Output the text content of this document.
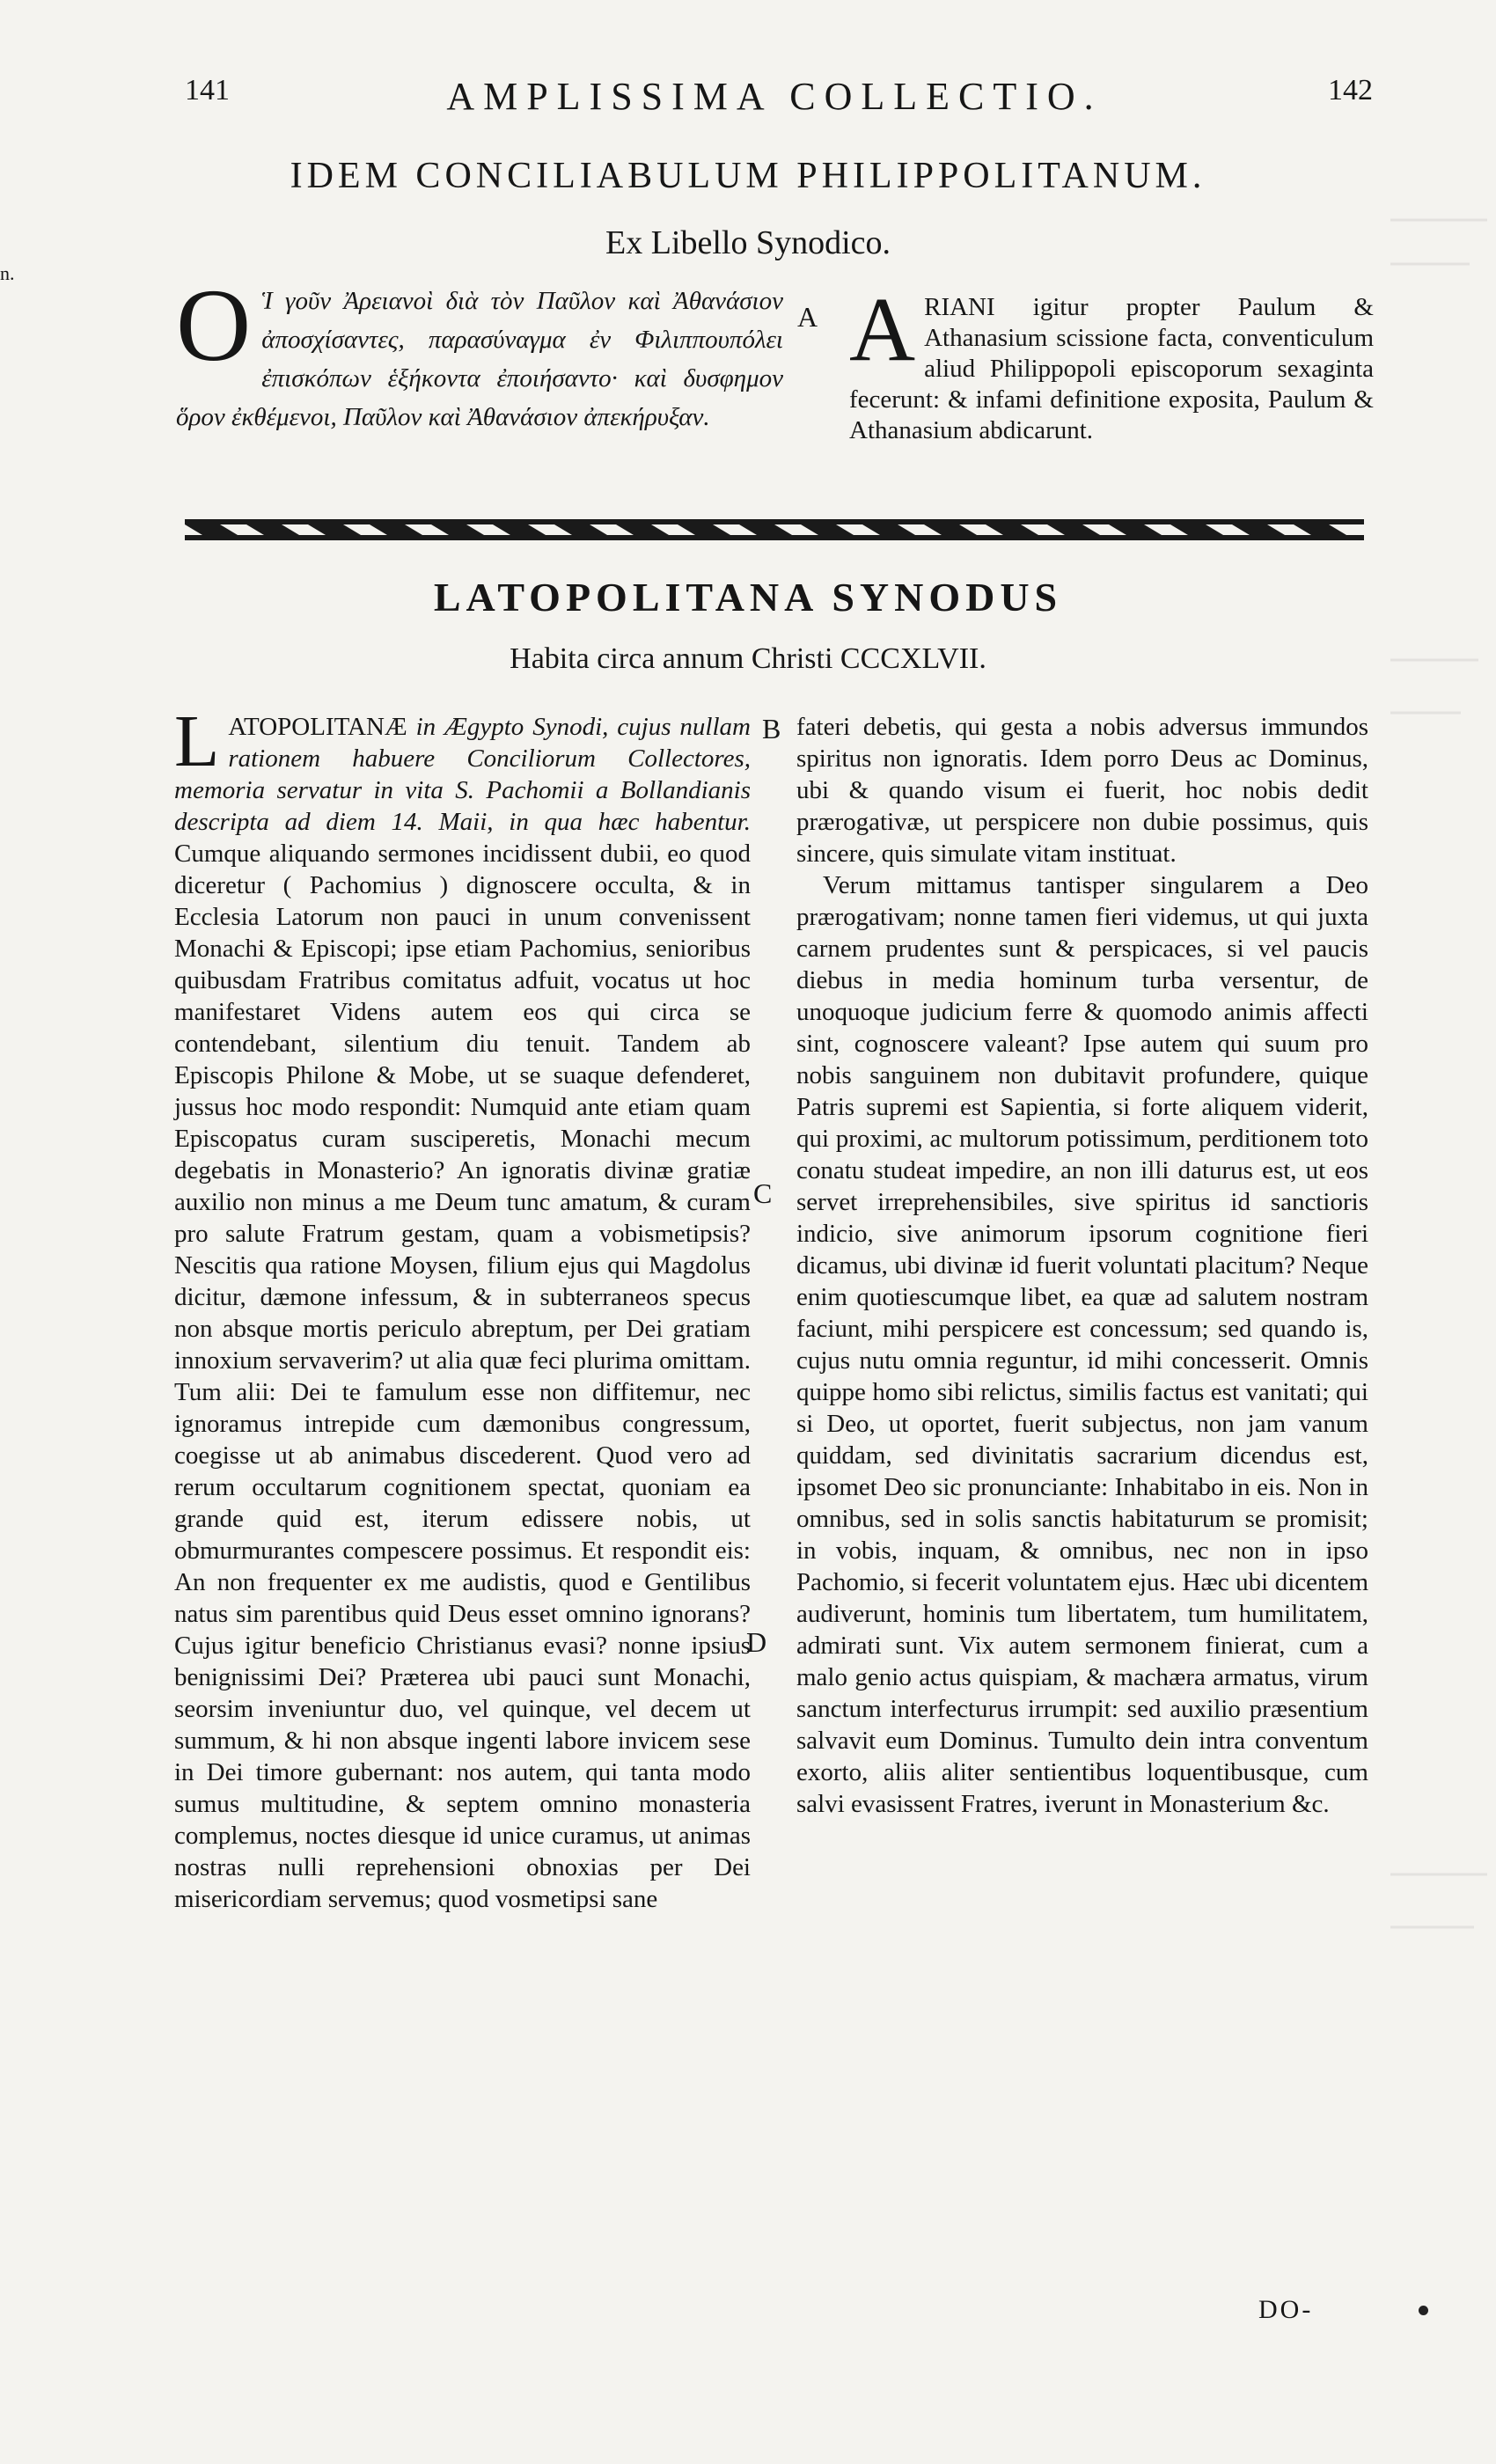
n.
141	AMPLISSIMA COLLECTIO.	142
IDEM CONCILIABULUM PHILIPPOLITANUM.
Ex Libello Synodico.
O Ἱ γοῦν Ἀρειανοὶ διὰ τὸν Παῦλον καὶ Ἀθανάσιον ἀποσχίσαντες, παρασύναγμα ἐν Φιλιππουπόλει ἐπισκόπων ἑξήκοντα ἐποιήσαντο· καὶ δυσφημον ὅρον ἐκθέμενοι, Παῦλον καὶ Ἀθανάσιον ἀπεκήρυξαν.
A ARIANI igitur propter Paulum & Athanasium scissione facta, conventiculum aliud Philippopoli episcoporum sexaginta fecerunt: & infami definitione exposita, Paulum & Athanasium abdicarunt.
LATOPOLITANA SYNODUS
Habita circa annum Christi CCCXLVII.

LATOPOLITANÆ in Ægypto Synodi, cujus nullam rationem habuere Conciliorum Collectores, memoria servatur in vita S. Pachomii a Bollandianis descripta ad diem 14. Maii, in qua hæc habentur. Cumque aliquando sermones incidissent dubii, eo quod diceretur ( Pachomius ) dignoscere occulta, & in Ecclesia Latorum non pauci in unum convenissent Monachi & Episcopi; ipse etiam Pachomius, senioribus quibusdam Fratribus comitatus adfuit, vocatus ut hoc manifestaret Videns autem eos qui circa se contendebant, silentium diu tenuit. Tandem ab Episcopis Philone & Mobe, ut se suaque defenderet, jussus hoc modo respondit: Numquid ante etiam quam Episcopatus curam susciperetis, Monachi mecum degebatis in Monasterio? An ignoratis divinæ gratiæ auxilio non minus a me Deum tunc amatum, & curam pro salute Fratrum gestam, quam a vobismetipsis? Nescitis qua ratione Moysen, filium ejus qui Magdolus dicitur, dæmone infessum, & in subterraneos specus non absque mortis periculo abreptum, per Dei gratiam innoxium servaverim? ut alia quæ feci plurima omittam. Tum alii: Dei te famulum esse non diffitemur, nec ignoramus intrepide cum dæmonibus congressum, coegisse ut ab animabus discederent. Quod vero ad rerum occultarum cognitionem spectat, quoniam ea grande quid est, iterum edissere nobis, ut obmurmurantes compescere possimus. Et respondit eis: An non frequenter ex me audistis, quod e Gentilibus natus sim parentibus quid Deus esset omnino ignorans? Cujus igitur beneficio Christianus evasi? nonne ipsius benignissimi Dei? Præterea ubi pauci sunt Monachi, seorsim inveniuntur duo, vel quinque, vel decem ut summum, & hi non absque ingenti labore invicem sese in Dei timore gubernant: nos autem, qui tanta modo sumus multitudine, & septem omnino monasteria complemus, noctes diesque id unice curamus, ut animas nostras nulli reprehensioni obnoxias per Dei misericordiam servemus; quod vosmetipsi sane

B
C
D

fateri debetis, qui gesta a nobis adversus immundos spiritus non ignoratis. Idem porro Deus ac Dominus, ubi & quando visum ei fuerit, hoc nobis dedit prærogativæ, ut perspicere non dubie possimus, quis sincere, quis simulate vitam instituat.

Verum mittamus tantisper singularem a Deo prærogativam; nonne tamen fieri videmus, ut qui juxta carnem prudentes sunt & perspicaces, si vel paucis diebus in media hominum turba versentur, de unoquoque judicium ferre & quomodo animis affecti sint, cognoscere valeant? Ipse autem qui suum pro nobis sanguinem non dubitavit profundere, quique Patris supremi est Sapientia, si forte aliquem viderit, qui proximi, ac multorum potissimum, perditionem toto conatu studeat impedire, an non illi daturus est, ut eos servet irreprehensibiles, sive spiritus id sanctioris indicio, sive animorum ipsorum cognitione fieri dicamus, ubi divinæ id fuerit voluntati placitum? Neque enim quotiescumque libet, ea quæ ad salutem nostram faciunt, mihi perspicere est concessum; sed quando is, cujus nutu omnia reguntur, id mihi concesserit. Omnis quippe homo sibi relictus, similis factus est vanitati; qui si Deo, ut oportet, fuerit subjectus, non jam vanum quiddam, sed divinitatis sacrarium dicendus est, ipsomet Deo sic pronunciante: Inhabitabo in eis. Non in omnibus, sed in solis sanctis habitaturum se promisit; in vobis, inquam, & omnibus, nec non in ipso Pachomio, si fecerit voluntatem ejus. Hæc ubi dicentem audiverunt, hominis tum libertatem, tum humilitatem, admirati sunt. Vix autem sermonem finierat, cum a malo genio actus quispiam, & machæra armatus, virum sanctum interfecturus irrumpit: sed auxilio præsentium salvavit eum Dominus. Tumulto dein intra conventum exorto, aliis aliter sentientibus loquentibusque, cum salvi evasissent Fratres, iverunt in Monasterium &c.

DO-
